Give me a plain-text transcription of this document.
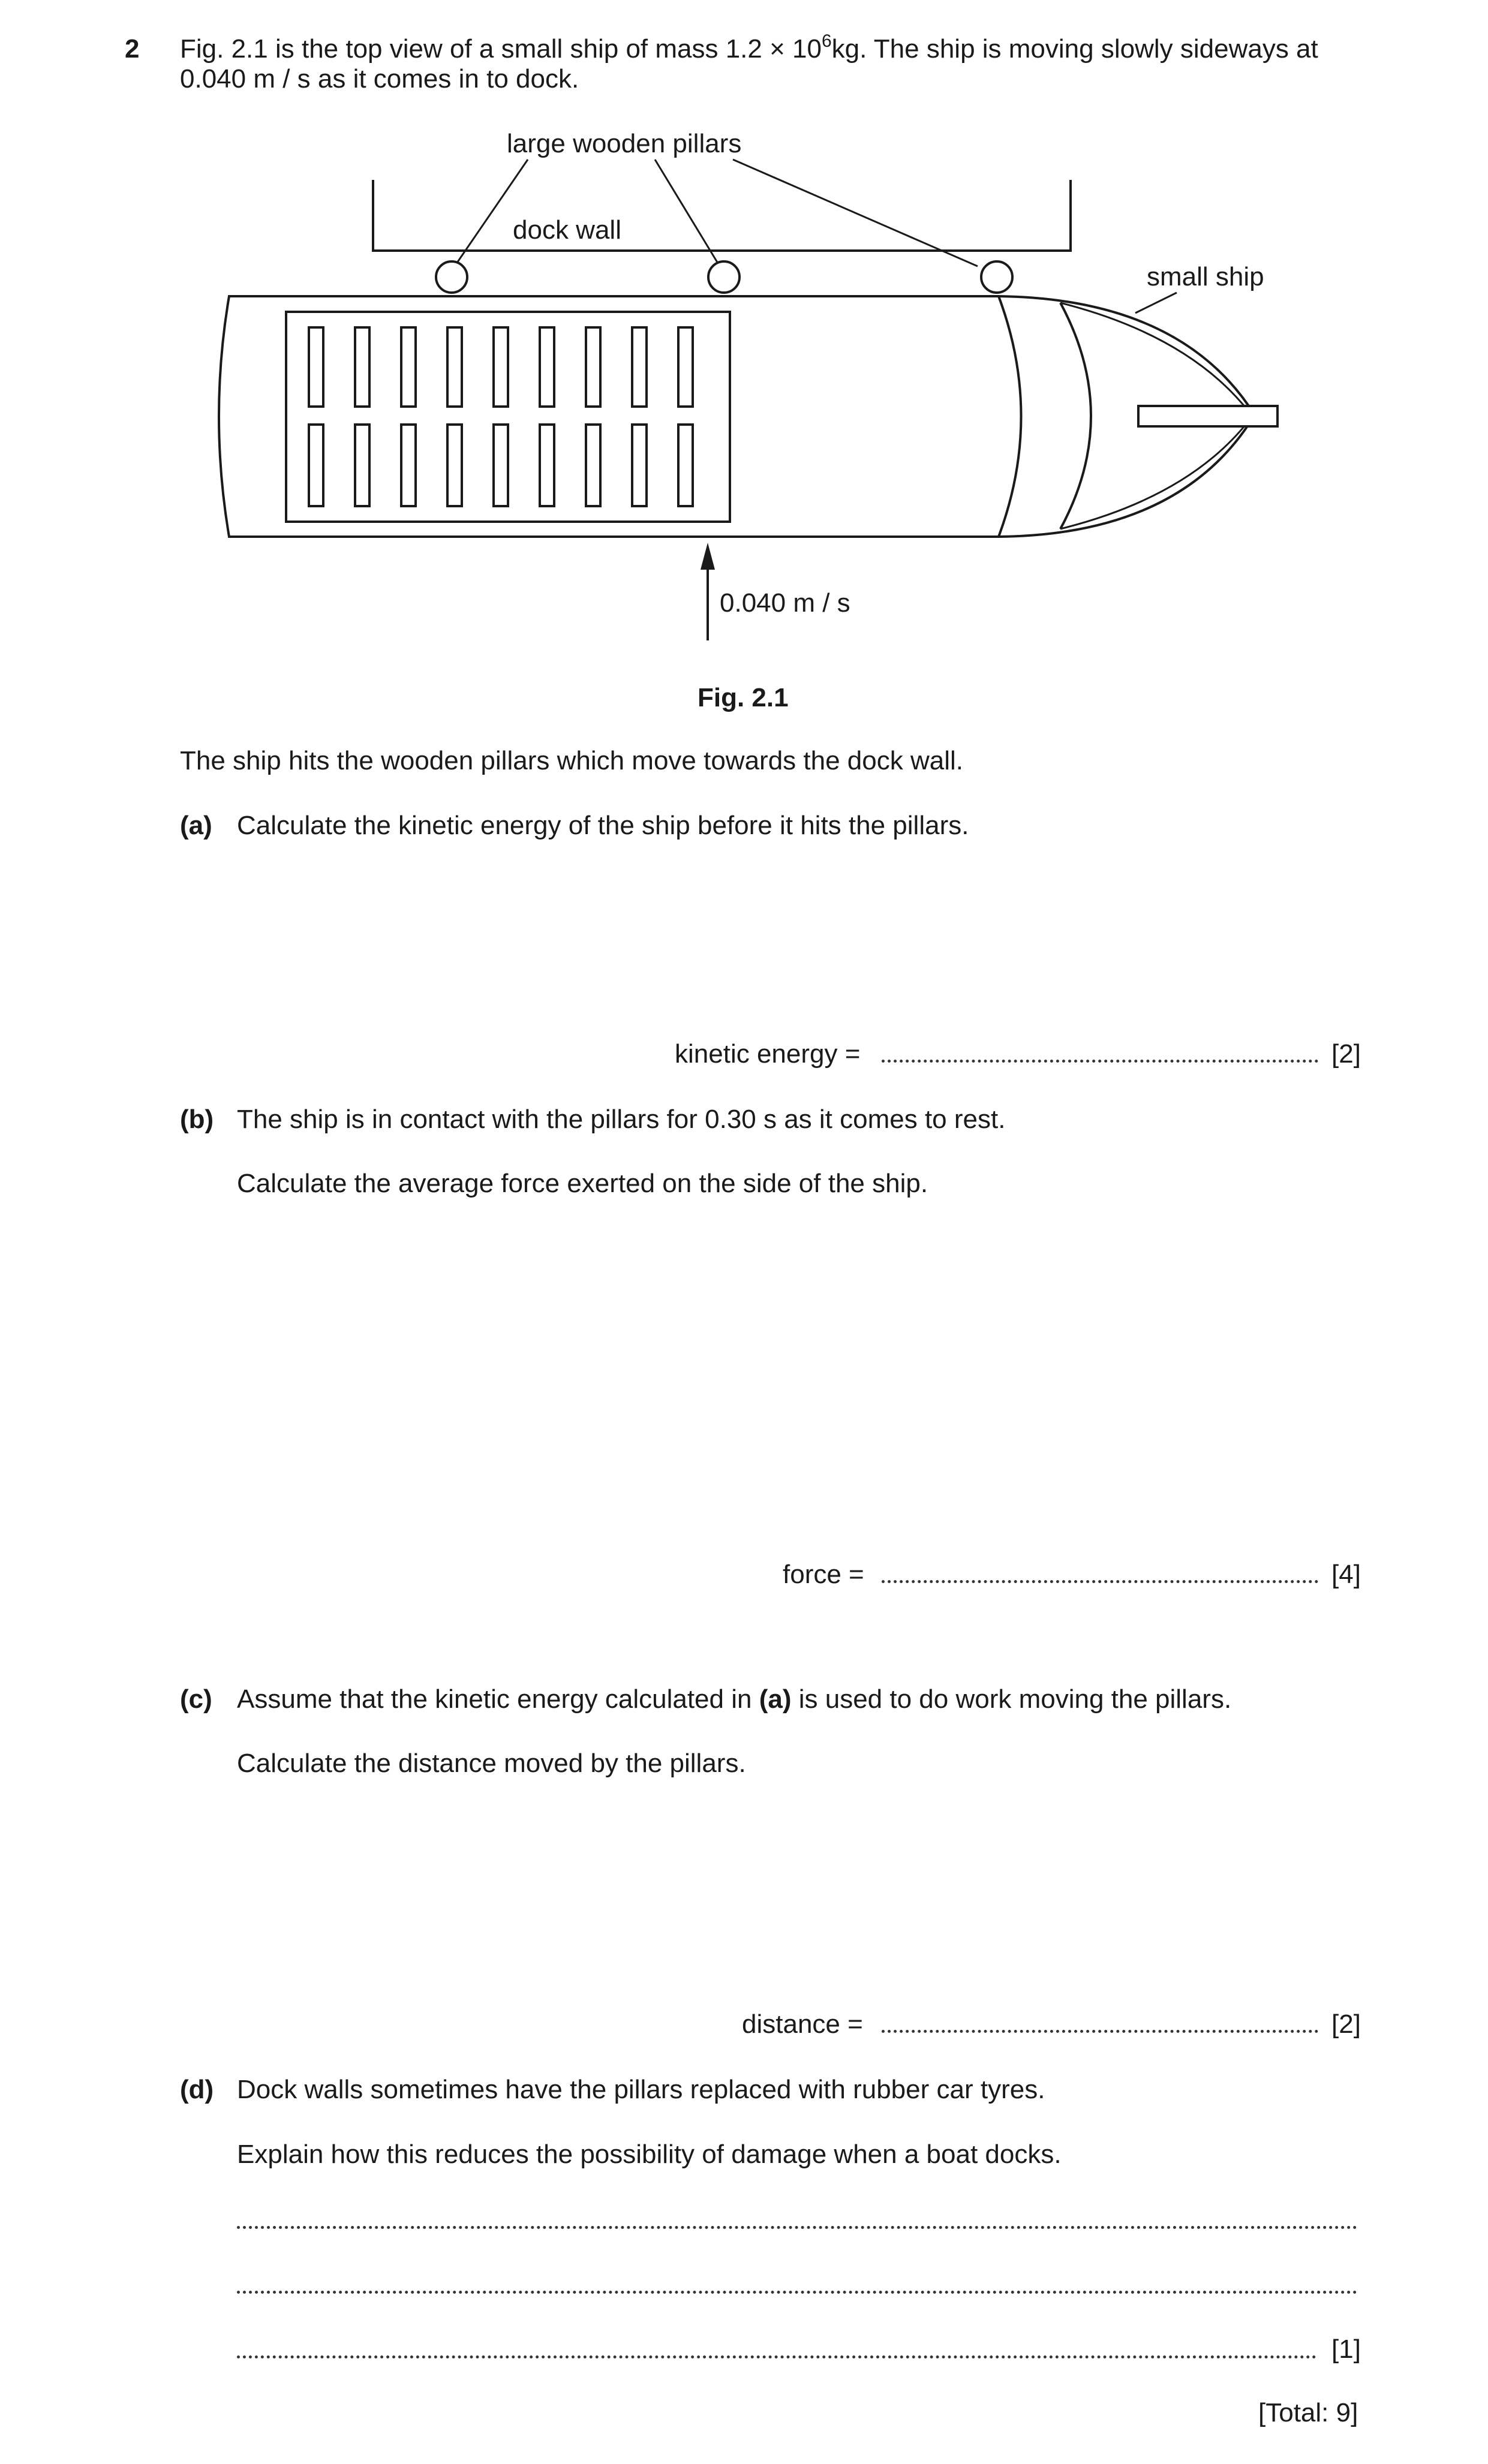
2 Fig. 2.1 is the top view of a small ship of mass $1.2 \times 10^6kg$. The ship is moving slowly sideways at
0.040 m / s as it comes in to dock.
large wooden pillars
dock wall
small ship
0.040 m / s
Fig. 2.1
The ship hits the wooden pillars which move towards the dock wall.
(a) Calculate the kinetic energy of the ship before it hits the pillars.
kinetic energy =	[2]
(b) The ship is in contact with the pillars for 0.30 s as it comes to rest.
Calculate the average force exerted on the side of the ship.
force =	[4]
(c) Assume that the kinetic energy calculated in (a) is used to do work moving the pillars.
Calculate the distance moved by the pillars.
distance =	[2]
(d) Dock walls sometimes have the pillars replaced with rubber car tyres.
Explain how this reduces the possibility of damage when a boat docks.
[1]
[Total: 9]
